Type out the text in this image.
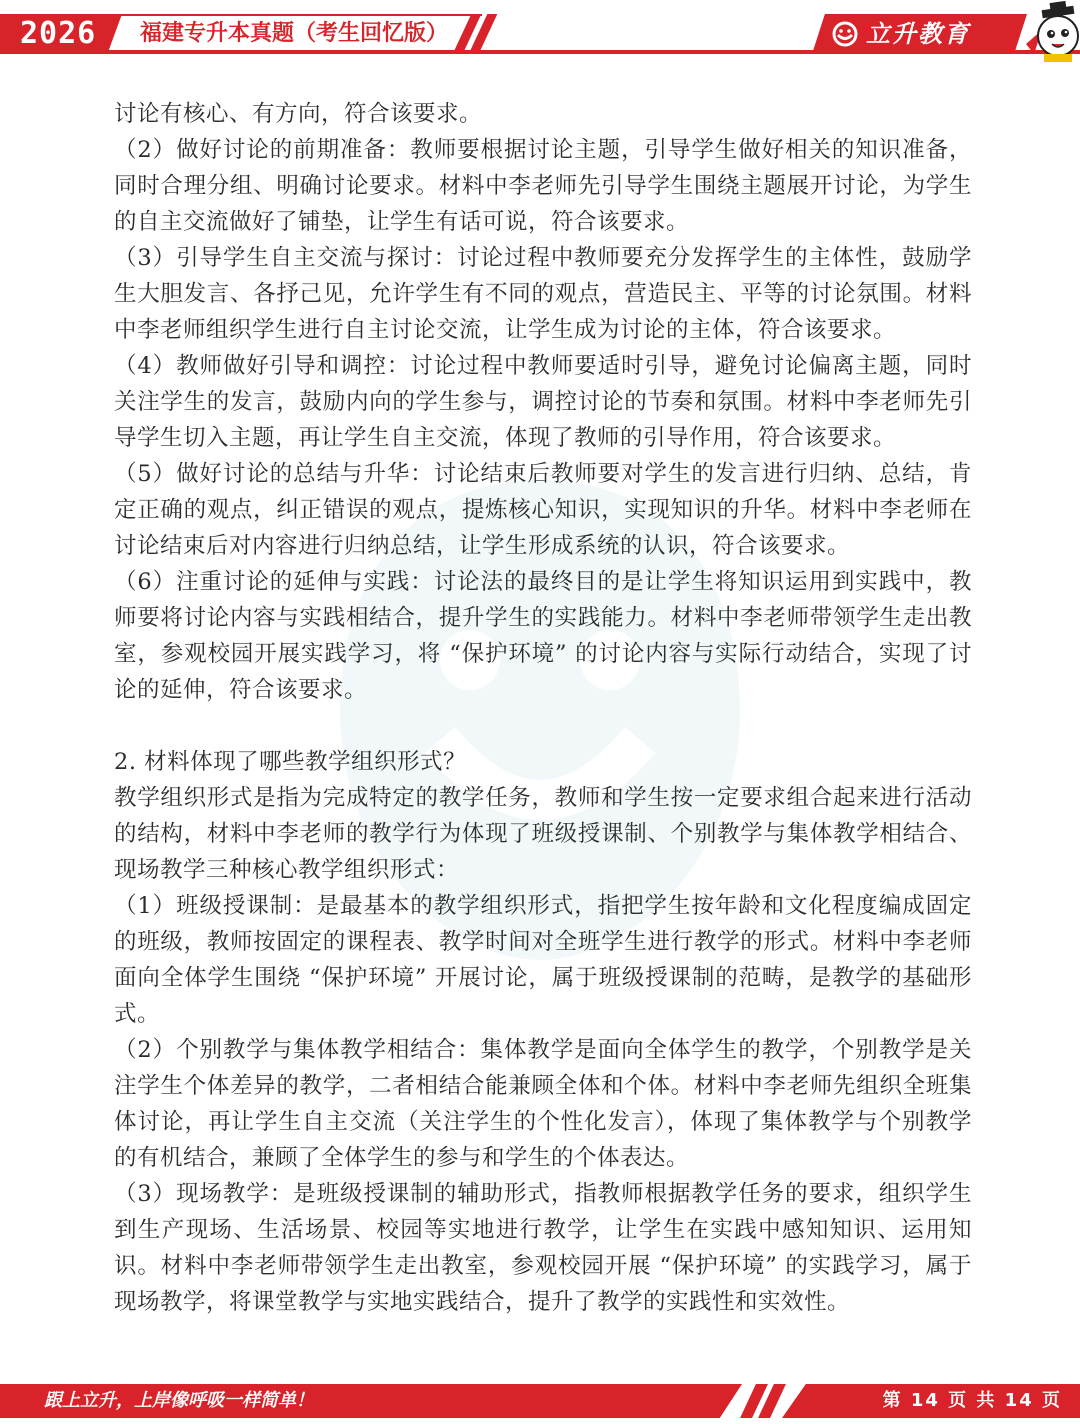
2026 福建专升本真题（考生回忆版）	立升教育

讨论有核心、有方向，符合该要求。

（2）做好讨论的前期准备：教师要根据讨论主题，引导学生做好相关的知识准备，同时合理分组、明确讨论要求。材料中李老师先引导学生围绕主题展开讨论，为学生的自主交流做好了铺垫，让学生有话可说，符合该要求。

（3）引导学生自主交流与探讨：讨论过程中教师要充分发挥学生的主体性，鼓励学生大胆发言、各抒己见，允许学生有不同的观点，营造民主、平等的讨论氛围。材料中李老师组织学生进行自主讨论交流，让学生成为讨论的主体，符合该要求。

（4）教师做好引导和调控：讨论过程中教师要适时引导，避免讨论偏离主题，同时关注学生的发言，鼓励内向的学生参与，调控讨论的节奏和氛围。材料中李老师先引导学生切入主题，再让学生自主交流，体现了教师的引导作用，符合该要求。

（5）做好讨论的总结与升华：讨论结束后教师要对学生的发言进行归纳、总结，肯定正确的观点，纠正错误的观点，提炼核心知识，实现知识的升华。材料中李老师在讨论结束后对内容进行归纳总结，让学生形成系统的认识，符合该要求。

（6）注重讨论的延伸与实践：讨论法的最终目的是让学生将知识运用到实践中，教师要将讨论内容与实践相结合，提升学生的实践能力。材料中李老师带领学生走出教室，参观校园开展实践学习，将 “保护环境” 的讨论内容与实际行动结合，实现了讨论的延伸，符合该要求。

2. 材料体现了哪些教学组织形式？

教学组织形式是指为完成特定的教学任务，教师和学生按一定要求组合起来进行活动的结构，材料中李老师的教学行为体现了班级授课制、个别教学与集体教学相结合、现场教学三种核心教学组织形式：

（1）班级授课制：是最基本的教学组织形式，指把学生按年龄和文化程度编成固定的班级，教师按固定的课程表、教学时间对全班学生进行教学的形式。材料中李老师面向全体学生围绕 “保护环境” 开展讨论，属于班级授课制的范畴，是教学的基础形式。

（2）个别教学与集体教学相结合：集体教学是面向全体学生的教学，个别教学是关注学生个体差异的教学，二者相结合能兼顾全体和个体。材料中李老师先组织全班集体讨论，再让学生自主交流（关注学生的个性化发言），体现了集体教学与个别教学的有机结合，兼顾了全体学生的参与和学生的个体表达。

（3）现场教学：是班级授课制的辅助形式，指教师根据教学任务的要求，组织学生到生产现场、生活场景、校园等实地进行教学，让学生在实践中感知知识、运用知识。材料中李老师带领学生走出教室，参观校园开展 “保护环境” 的实践学习，属于现场教学，将课堂教学与实地实践结合，提升了教学的实践性和实效性。

跟上立升，上岸像呼吸一样简单！	第 14 页 共 14 页
